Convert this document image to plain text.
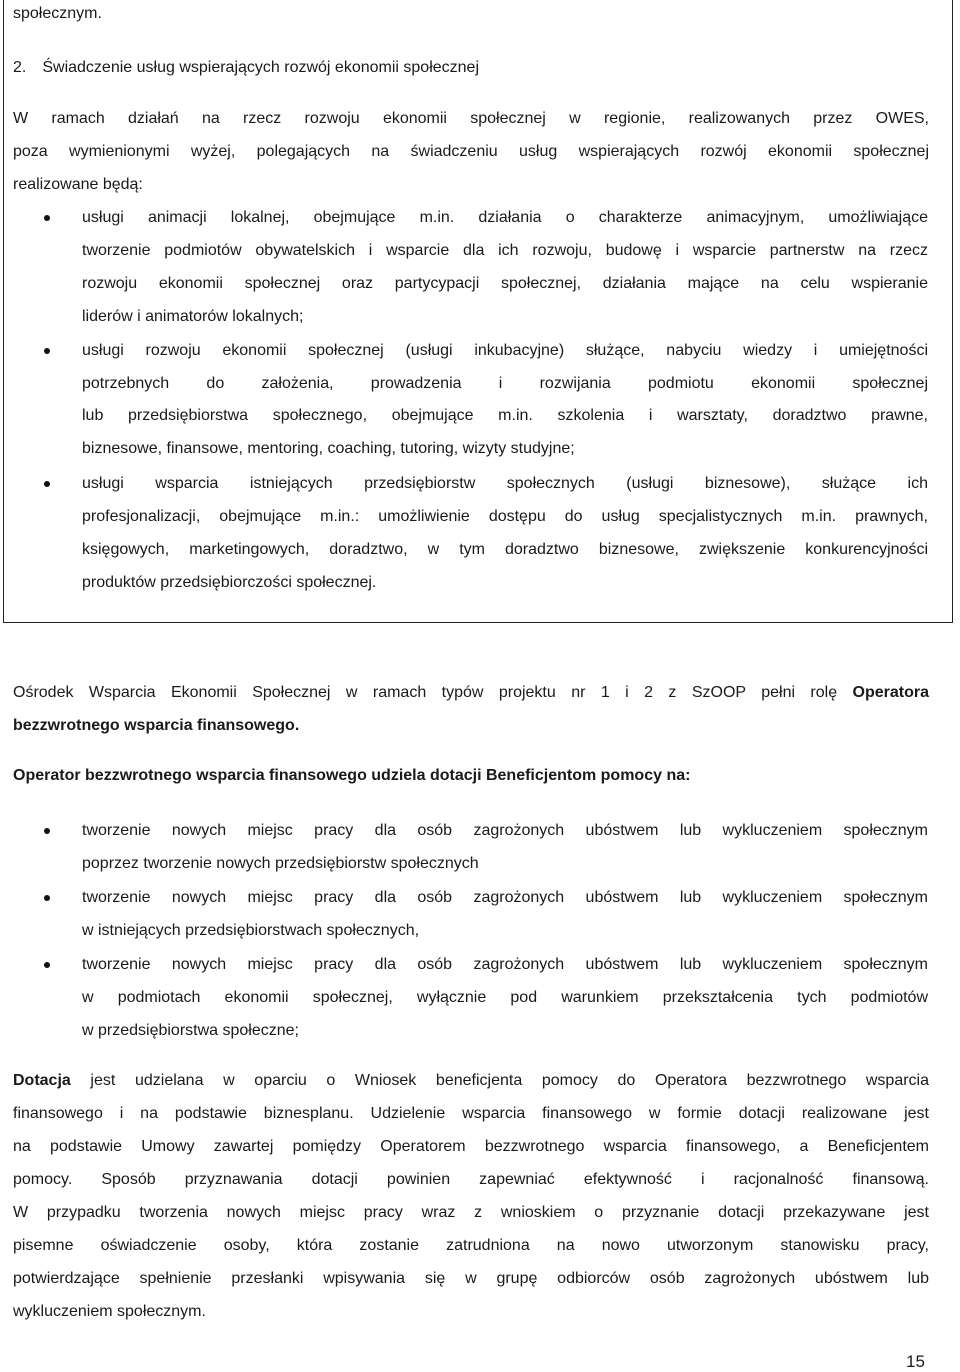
społecznym.
2. Świadczenie usług wspierających rozwój ekonomii społecznej
W ramach działań na rzecz rozwoju ekonomii społecznej w regionie, realizowanych przez OWES,
poza wymienionymi wyżej, polegających na świadczeniu usług wspierających rozwój ekonomii społecznej
realizowane będą:
usługi animacji lokalnej, obejmujące m.in. działania o charakterze animacyjnym, umożliwiające
tworzenie podmiotów obywatelskich i wsparcie dla ich rozwoju, budowę i wsparcie partnerstw na rzecz
rozwoju ekonomii społecznej oraz partycypacji społecznej, działania mające na celu wspieranie
liderów i animatorów lokalnych;
usługi rozwoju ekonomii społecznej (usługi inkubacyjne) służące, nabyciu wiedzy i umiejętności
potrzebnych do założenia, prowadzenia i rozwijania podmiotu ekonomii społecznej
lub przedsiębiorstwa społecznego, obejmujące m.in. szkolenia i warsztaty, doradztwo prawne,
biznesowe, finansowe, mentoring, coaching, tutoring, wizyty studyjne;
usługi wsparcia istniejących przedsiębiorstw społecznych (usługi biznesowe), służące ich
profesjonalizacji, obejmujące m.in.: umożliwienie dostępu do usług specjalistycznych m.in. prawnych,
księgowych, marketingowych, doradztwo, w tym doradztwo biznesowe, zwiększenie konkurencyjności
produktów przedsiębiorczości społecznej.
Ośrodek Wsparcia Ekonomii Społecznej w ramach typów projektu nr 1 i 2 z SzOOP pełni rolę Operatora
bezzwrotnego wsparcia finansowego.
Operator bezzwrotnego wsparcia finansowego udziela dotacji Beneficjentom pomocy na:
tworzenie nowych miejsc pracy dla osób zagrożonych ubóstwem lub wykluczeniem społecznym
poprzez tworzenie nowych przedsiębiorstw społecznych
tworzenie nowych miejsc pracy dla osób zagrożonych ubóstwem lub wykluczeniem społecznym
w istniejących przedsiębiorstwach społecznych,
tworzenie nowych miejsc pracy dla osób zagrożonych ubóstwem lub wykluczeniem społecznym
w podmiotach ekonomii społecznej, wyłącznie pod warunkiem przekształcenia tych podmiotów
w przedsiębiorstwa społeczne;
Dotacja jest udzielana w oparciu o Wniosek beneficjenta pomocy do Operatora bezzwrotnego wsparcia
finansowego i na podstawie biznesplanu. Udzielenie wsparcia finansowego w formie dotacji realizowane jest
na podstawie Umowy zawartej pomiędzy Operatorem bezzwrotnego wsparcia finansowego, a Beneficjentem
pomocy. Sposób przyznawania dotacji powinien zapewniać efektywność i racjonalność finansową.
W przypadku tworzenia nowych miejsc pracy wraz z wnioskiem o przyznanie dotacji przekazywane jest
pisemne oświadczenie osoby, która zostanie zatrudniona na nowo utworzonym stanowisku pracy,
potwierdzające spełnienie przesłanki wpisywania się w grupę odbiorców osób zagrożonych ubóstwem lub
wykluczeniem społecznym.
15
